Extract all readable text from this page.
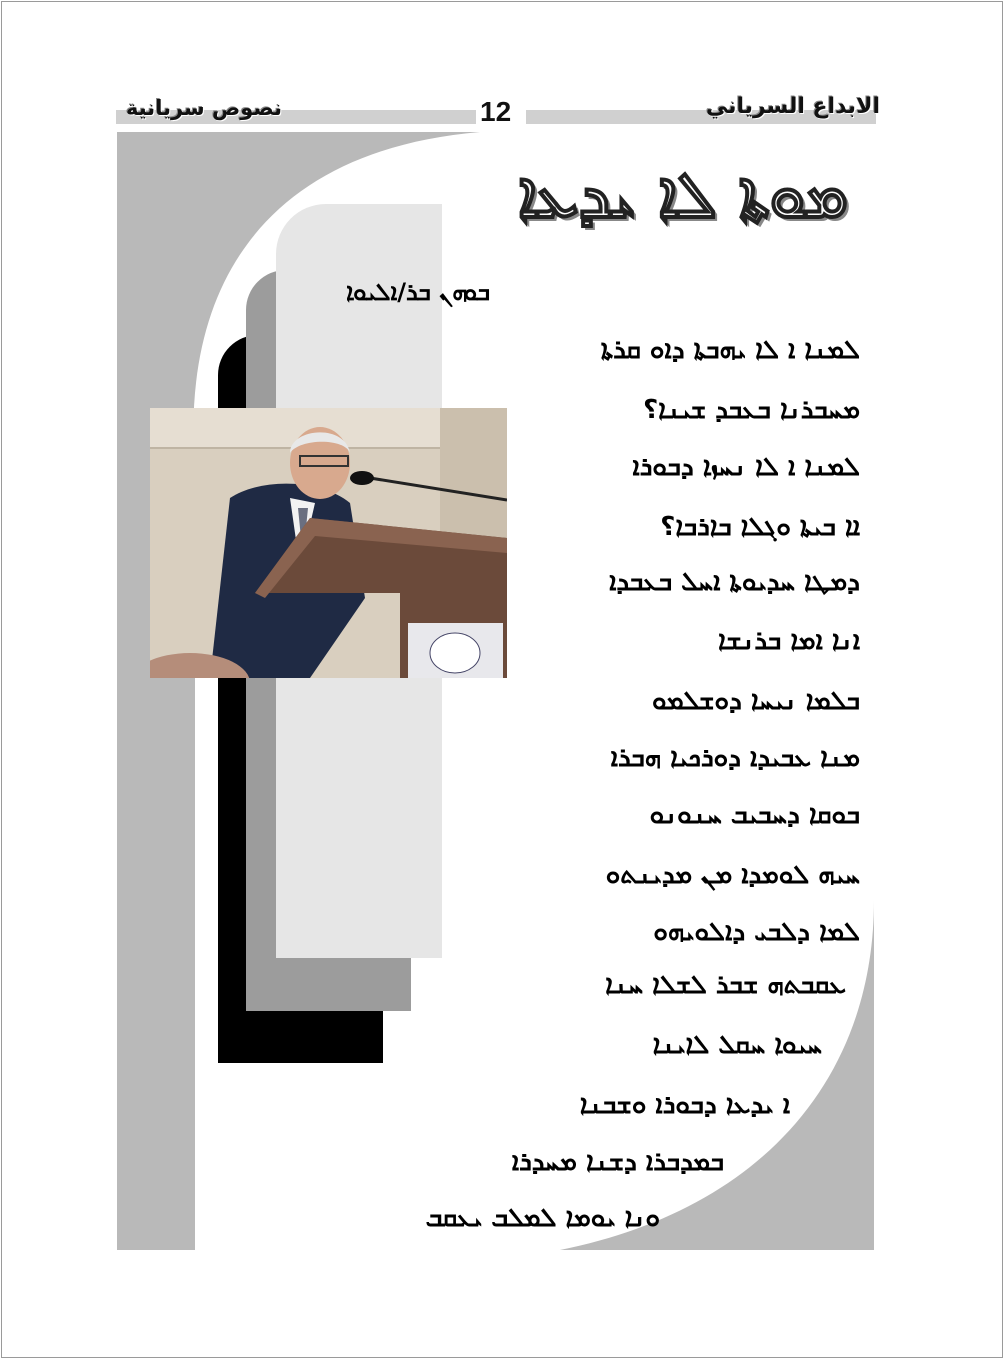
نصوص سريانية	12	الابداع السرياني
ܡܘܬܐ ܠܐ ܝܕܥܐ
ܒܘܗܢ ܒܪ/ܐܠܝܘܐ
ܠܡܢܐ ܐ ܠܐ ܝܗܒܬܐ ܕܐܘ ܩܪܬܐ
ܡܚܒܪܢܐ ܒܥܒܕ ܫܝܢܐ؟
ܠܡܢܐ ܐ ܠܐ ܢܚܙܐ ܕܒܘܪܐ
ܐܐ ܒܝܬܐ ܘܓܠܐ ܒܐܪܒܐ؟
ܕܡܛܐ ܚܕܝܘܬܐ ܐܚܠ ܒܥܒܕܐ
ܐܢܐ ܐܡܐ ܒܪܢܫܐ
ܒܠܡܐ ܢܝܚܐ ܕܘܫܠܡܘ
ܡܢܐ ܥܒܝܕܐ ܕܘܪܟܝܐ ܗܒܪܐ
ܒܘܩܐ ܕܚܒܝܒ ܚܢܘܢܘ
ܚܝܗ ܠܘܡܕܐ ܡܢ ܡܕܝܢܬܘ
ܠܡܐ ܕܠܒܝ ܕܐܠܘܝܗܘ
ܥܩܒܬܗ ܫܒܪ ܠܫܠܐ ܚܢܐ
ܚܝܘܐ ܚܩܠ ܠܐܝܢܐ
ܐ ܝܕܥܐ ܕܒܘܪܐ ܘܫܒܢܐ
ܒܡܕܒܪܐ ܕܫܢܐ ܡܚܕܪܐ
ܘܢܐ ܝܘܡܐ ܠܡܠܒ ܝܥܩܒ
